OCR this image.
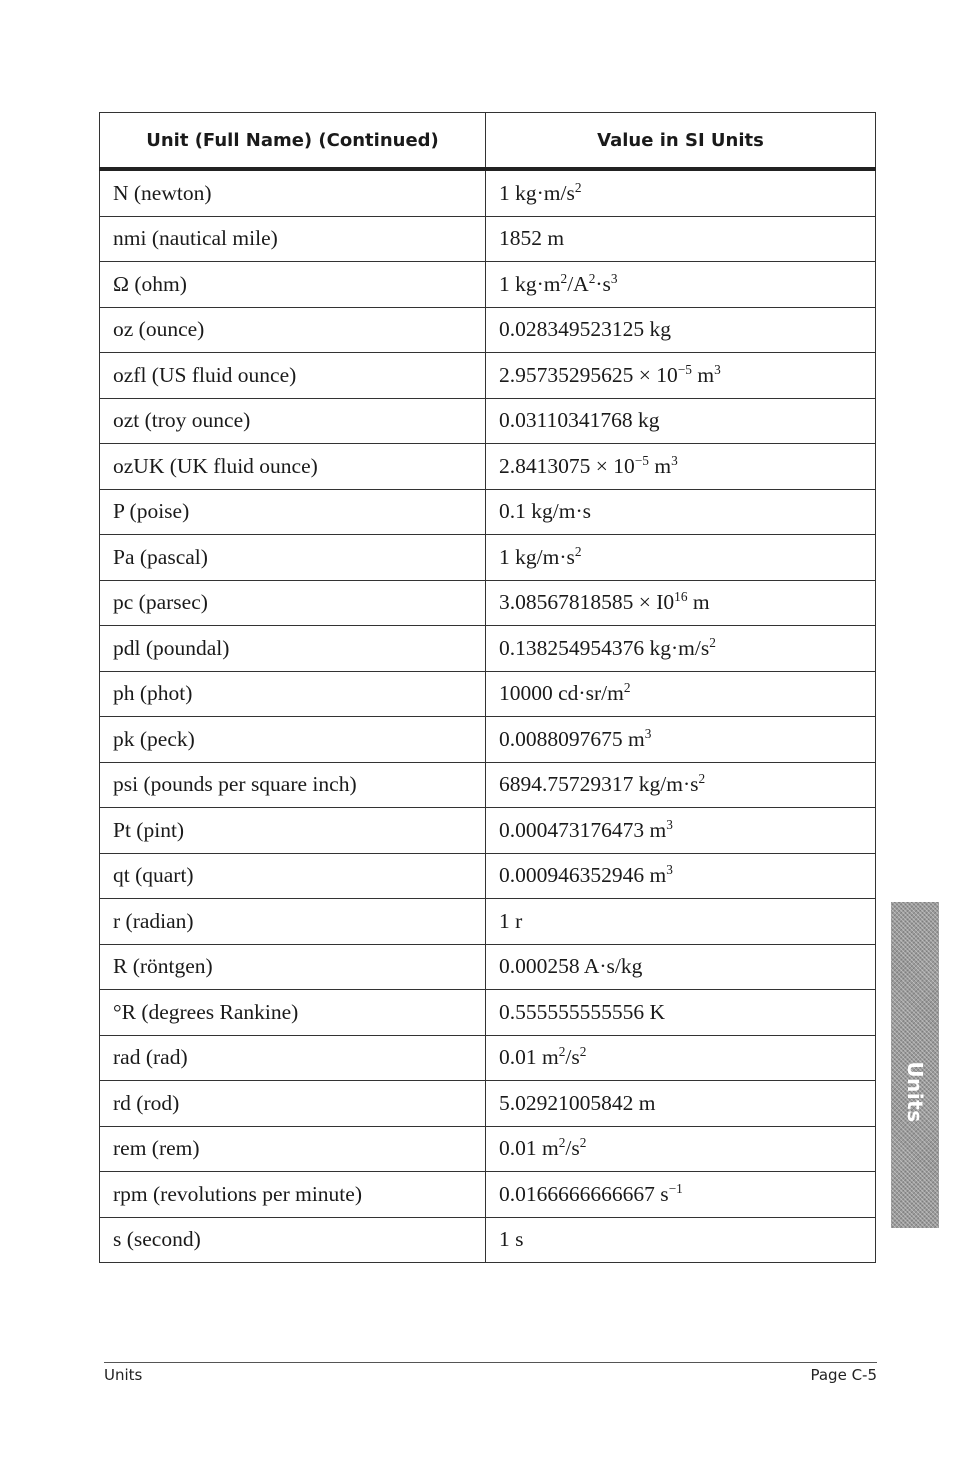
Unit (Full Name) (Continued)	Value in SI Units
N (newton)	1 $kg\cdot m/s^2$
nmi (nautical mile)	1852 m
Ω (ohm)	1 $kg\cdot m^2/A^2\cdot s^3$
oz (ounce)	0.028349523125 kg
ozfl (US fluid ounce)	$2.95735295625 \times 10^{-5}$ $m^3$
ozt (troy ounce)	0.03110341768 kg
ozUK (UK fluid ounce)	$2.8413075 \times 10^{-5}$ $m^3$
P (poise)	0.1 kg/m·s
Pa (pascal)	1 $kg/m\cdot s^2$
pc (parsec)	$3.08567818585 \times I0^{16}$ m
pdl (poundal)	0.138254954376 $kg\cdot m/s^2$
ph (phot)	10000 $cd\cdot sr/m^2$
pk (peck)	0.0088097675 $m^3$
psi (pounds per square inch)	6894.75729317 $kg/m\cdot s^2$
Pt (pint)	0.000473176473 $m^3$
qt (quart)	0.000946352946 $m^3$
r (radian)	1 r
R (röntgen)	0.000258 A·s/kg
°R (degrees Rankine)	0.555555555556 K
rad (rad)	0.01 $m^2/s^2$
rd (rod)	5.02921005842 m
rem (rem)	0.01 $m^2/s^2$
rpm (revolutions per minute)	0.0166666666667 $s^{-1}$
s (second)	1 s
Units
Units	Page C-5
